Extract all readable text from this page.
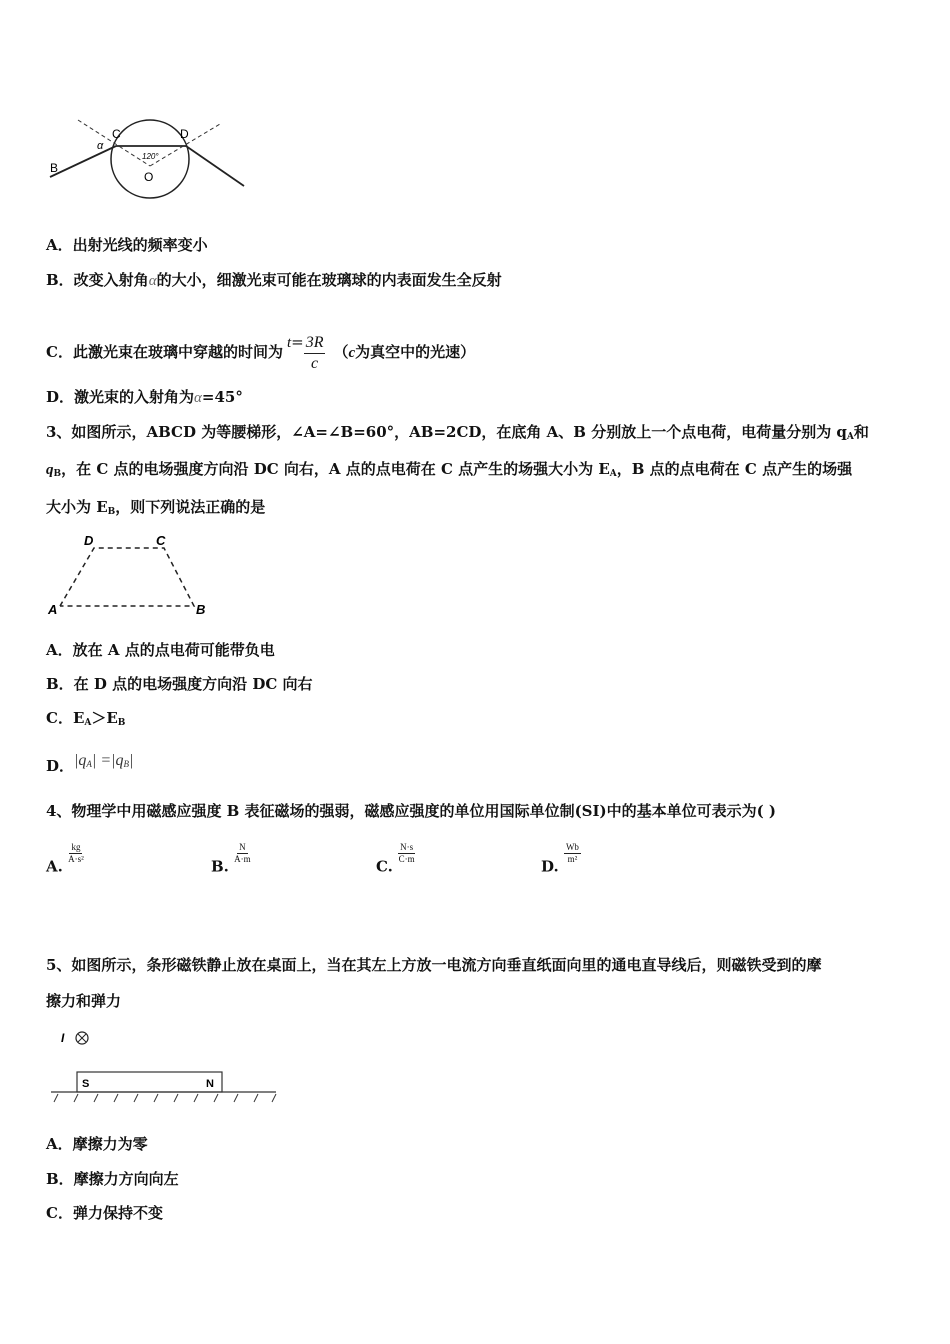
B
C	D
O
α
120°
A．出射光线的频率变小
B．改变入射角α的大小，细激光束可能在玻璃球的内表面发生全反射
C．此激光束在玻璃中穿越的时间为 $t= \frac{3R}{c} (c$为真空中的光速）
D．激光束的入射角为α=45°
3、如图所示，ABCD 为等腰梯形，∠A=∠B=60°，AB=2CD，在底角 A、B 分别放上一个点电荷，电荷量分别为 $q_A$和
$q_B$，在 C 点的电场强度方向沿 DC 向右，A 点的点电荷在 C 点产生的场强大小为 $E_A$，B 点的点电荷在 C 点产生的场强
大小为 $E_B$，则下列说法正确的是
A	B
C
D
A．放在 A 点的点电荷可能带负电
B．在 D 点的电场强度方向沿 DC 向右
C．$E_A>E_B$
D．$|q_A| =|q_B|$
4、物理学中用磁感应强度 B 表征磁场的强弱，磁感应强度的单位用国际单位制(SI)中的基本单位可表示为( )
A.
$\frac{kg}{\text{A·s²}}$
B.
$\frac{N}{A\cdot m}$
C.
$\frac{N\cdot s}{C\cdot m}$
D.
$\frac{Wb}{\text{m²}}$
5、如图所示，条形磁铁静止放在桌面上，当在其左上方放一电流方向垂直纸面向里的通电直导线后，则磁铁受到的摩
擦力和弹力
I
S	N
A．摩擦力为零
B．摩擦力方向向左
C．弹力保持不变
